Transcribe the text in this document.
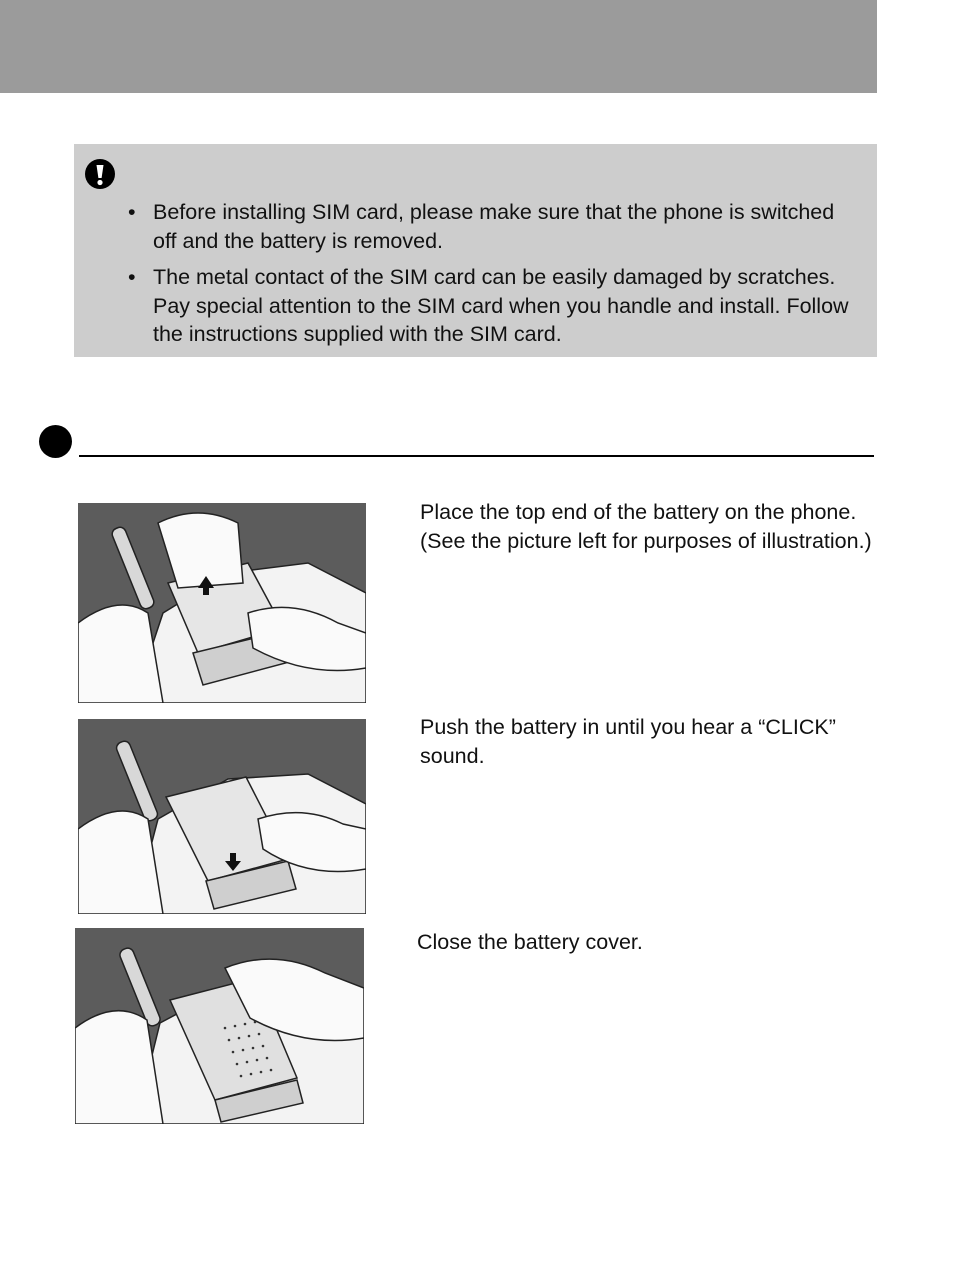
• Before installing SIM card, please make sure that the phone is switched off and the battery is removed.
• The metal contact of the SIM card can be easily damaged by scratches. Pay special attention to the SIM card when you handle and install. Follow the instructions supplied with the SIM card.

Place the top end of the battery on the phone. (See the picture left for purposes of illustration.)

Push the battery in until you hear a “CLICK” sound.

Close the battery cover.
